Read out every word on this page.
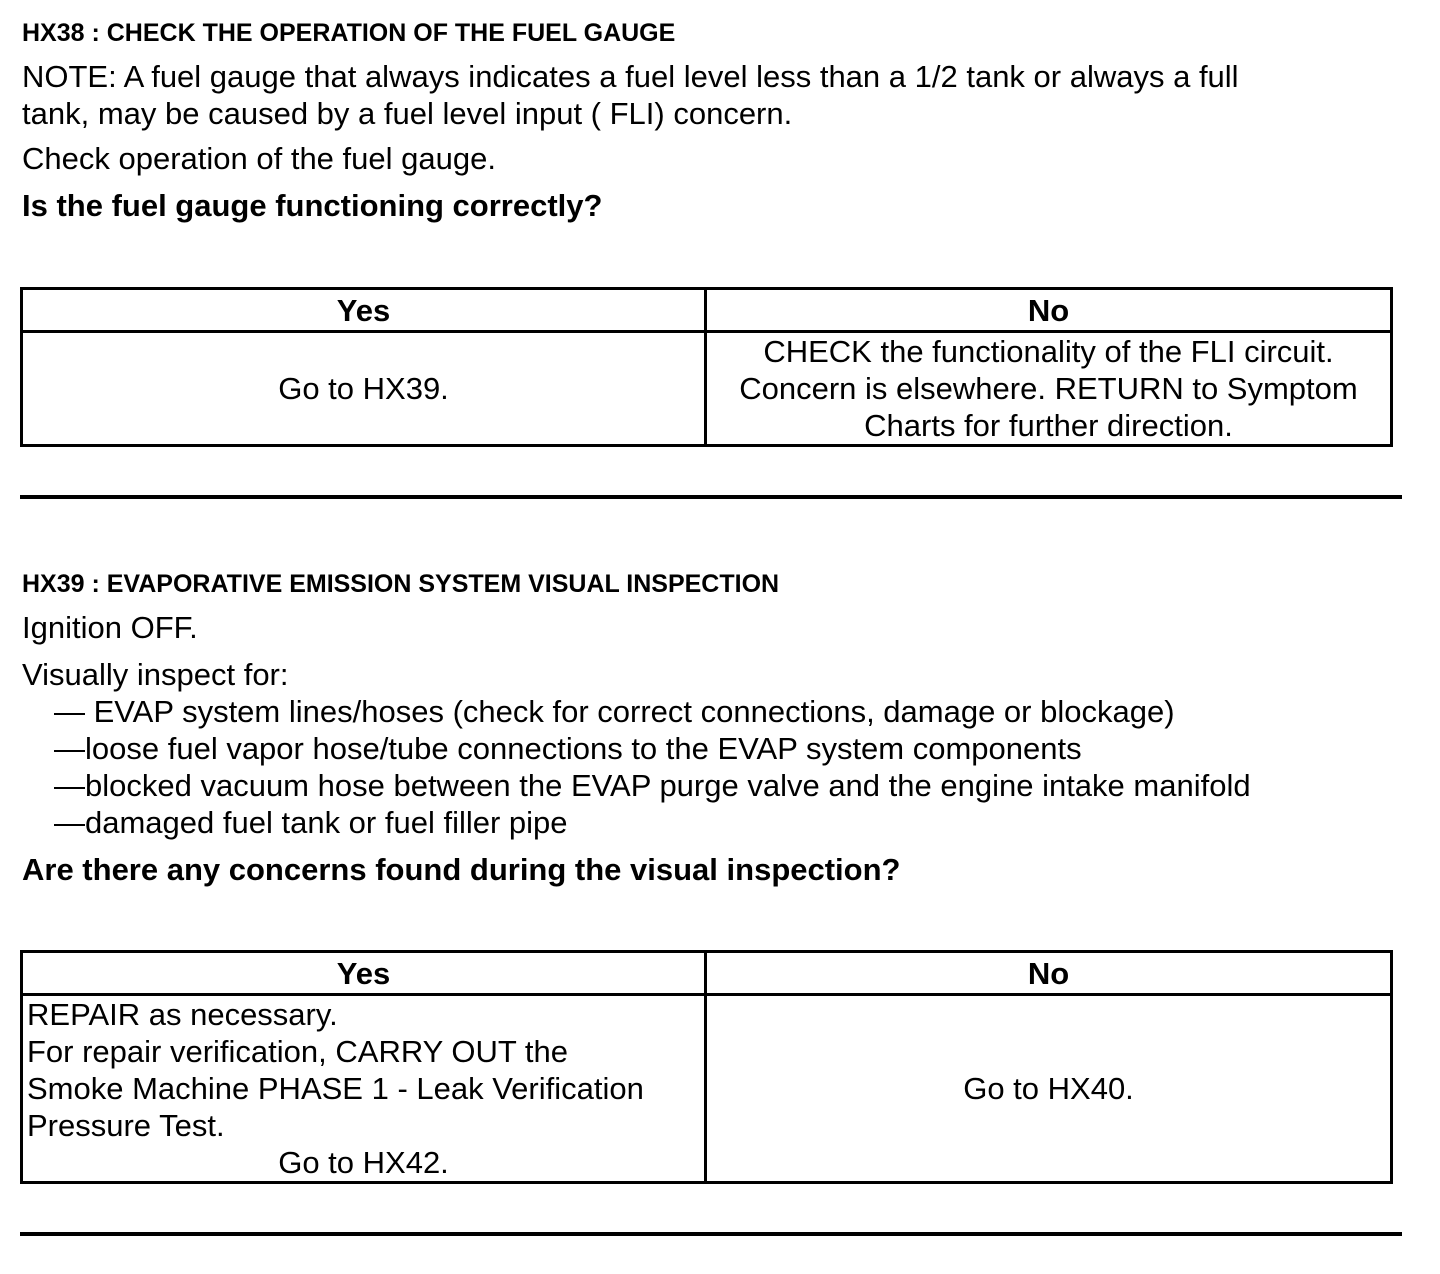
HX38 : CHECK THE OPERATION OF THE FUEL GAUGE

NOTE: A fuel gauge that always indicates a fuel level less than a 1/2 tank or always a full
tank, may be caused by a fuel level input ( FLI) concern.

Check operation of the fuel gauge.

Is the fuel gauge functioning correctly?

Yes	No
Go to HX39.	CHECK the functionality of the FLI circuit.
Concern is elsewhere. RETURN to Symptom
Charts for further direction.

HX39 : EVAPORATIVE EMISSION SYSTEM VISUAL INSPECTION

Ignition OFF.

Visually inspect for:

— EVAP system lines/hoses (check for correct connections, damage or blockage)
—loose fuel vapor hose/tube connections to the EVAP system components
—blocked vacuum hose between the EVAP purge valve and the engine intake manifold
—damaged fuel tank or fuel filler pipe

Are there any concerns found during the visual inspection?

Yes	No
REPAIR as necessary.
For repair verification, CARRY OUT the
Smoke Machine PHASE 1 - Leak Verification
Pressure Test.

Go to HX42.	Go to HX40.
